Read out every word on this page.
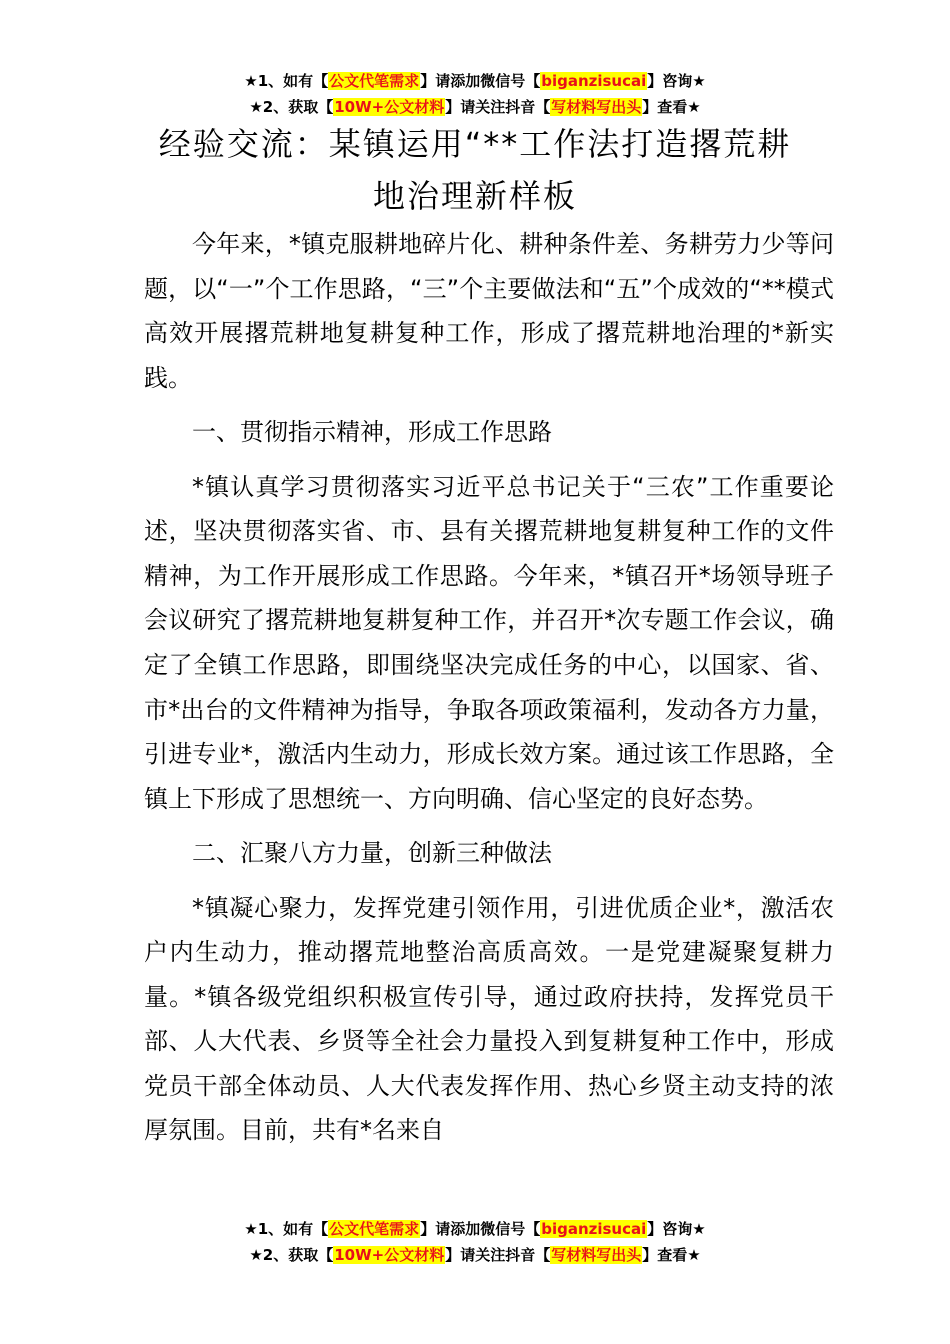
★1、如有【公文代笔需求】请添加微信号【biganzisucai】咨询★
★2、获取【10W+公文材料】请关注抖音【写材料写出头】查看★
经验交流：某镇运用“**工作法打造撂荒耕
地治理新样板

今年来，*镇克服耕地碎片化、耕种条件差、务耕劳力少等问题，以“一”个工作思路，“三”个主要做法和“五”个成效的“**模式高效开展撂荒耕地复耕复种工作，形成了撂荒耕地治理的*新实践。

一、贯彻指示精神，形成工作思路

*镇认真学习贯彻落实习近平总书记关于“三农”工作重要论述，坚决贯彻落实省、市、县有关撂荒耕地复耕复种工作的文件精神，为工作开展形成工作思路。今年来，*镇召开*场领导班子会议研究了撂荒耕地复耕复种工作，并召开*次专题工作会议，确定了全镇工作思路，即围绕坚决完成任务的中心，以国家、省、市*出台的文件精神为指导，争取各项政策福利，发动各方力量，引进专业*，激活内生动力，形成长效方案。通过该工作思路，全镇上下形成了思想统一、方向明确、信心坚定的良好态势。

二、汇聚八方力量，创新三种做法

*镇凝心聚力，发挥党建引领作用，引进优质企业*，激活农户内生动力，推动撂荒地整治高质高效。一是党建凝聚复耕力量。*镇各级党组织积极宣传引导，通过政府扶持，发挥党员干部、人大代表、乡贤等全社会力量投入到复耕复种工作中，形成党员干部全体动员、人大代表发挥作用、热心乡贤主动支持的浓厚氛围。目前，共有*名来自

★1、如有【公文代笔需求】请添加微信号【biganzisucai】咨询★
★2、获取【10W+公文材料】请关注抖音【写材料写出头】查看★
